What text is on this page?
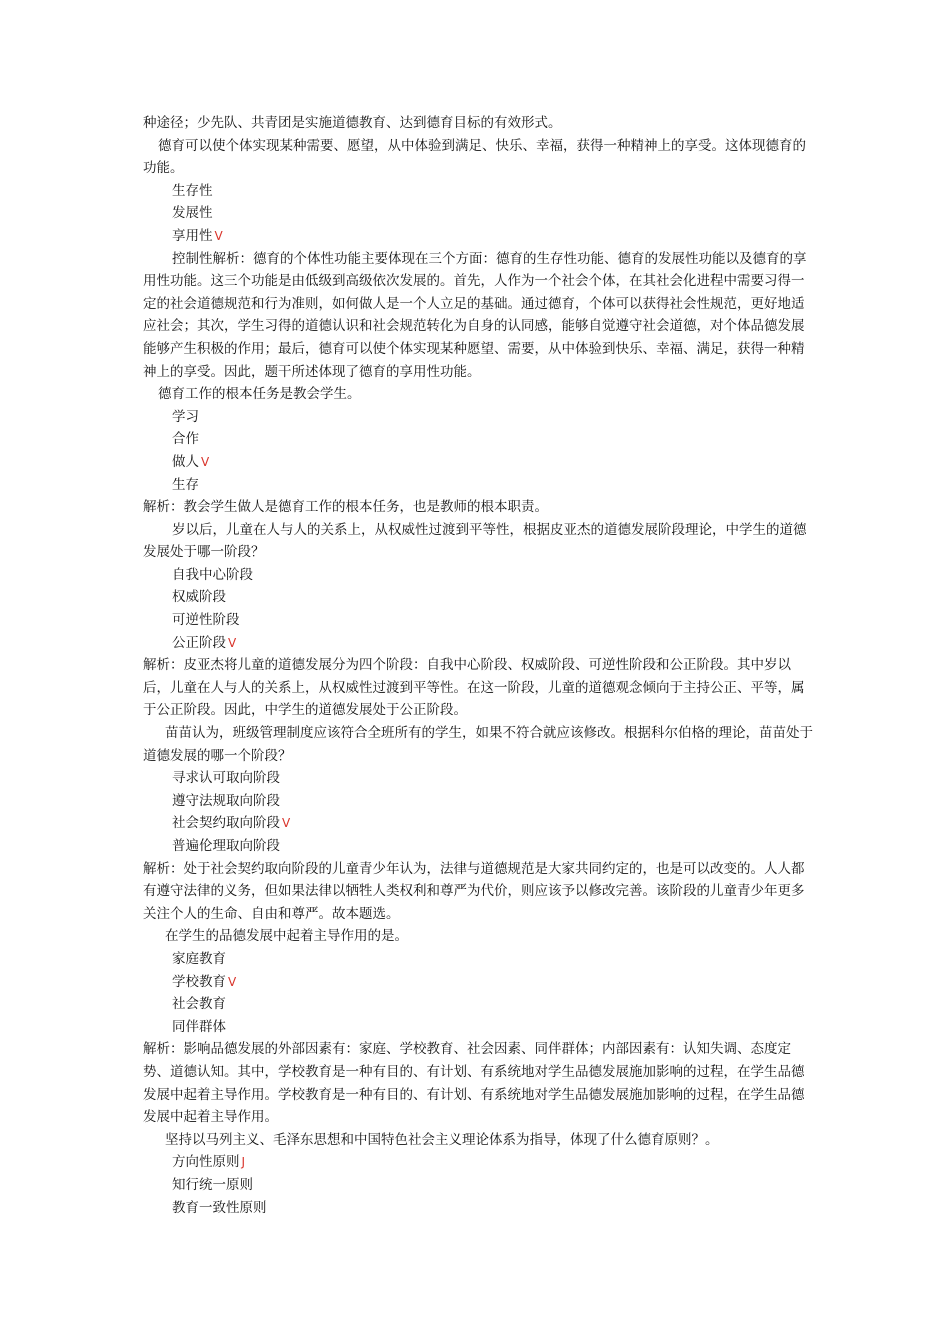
种途径；少先队、共青团是实施道德教育、达到德育目标的有效形式。

德育可以使个体实现某种需要、愿望，从中体验到满足、快乐、幸福，获得一种精神上的享受。这体现德育的功能。

生存性

发展性

享用性 V

控制性解析：德育的个体性功能主要体现在三个方面：德育的生存性功能、德育的发展性功能以及德育的享用性功能。这三个功能是由低级到高级依次发展的。首先，人作为一个社会个体，在其社会化进程中需要习得一定的社会道德规范和行为准则，如何做人是一个人立足的基础。通过德育，个体可以获得社会性规范，更好地适应社会；其次，学生习得的道德认识和社会规范转化为自身的认同感，能够自觉遵守社会道德，对个体品德发展能够产生积极的作用；最后，德育可以使个体实现某种愿望、需要，从中体验到快乐、幸福、满足，获得一种精神上的享受。因此，题干所述体现了德育的享用性功能。

德育工作的根本任务是教会学生。

学习

合作

做人 V

生存

解析：教会学生做人是德育工作的根本任务，也是教师的根本职责。

岁以后，儿童在人与人的关系上，从权威性过渡到平等性，根据皮亚杰的道德发展阶段理论，中学生的道德发展处于哪一阶段？

自我中心阶段

权威阶段

可逆性阶段

公正阶段 V

解析：皮亚杰将儿童的道德发展分为四个阶段：自我中心阶段、权威阶段、可逆性阶段和公正阶段。其中岁以后，儿童在人与人的关系上，从权威性过渡到平等性。在这一阶段，儿童的道德观念倾向于主持公正、平等，属于公正阶段。因此，中学生的道德发展处于公正阶段。

苗苗认为，班级管理制度应该符合全班所有的学生，如果不符合就应该修改。根据科尔伯格的理论，苗苗处于道德发展的哪一个阶段？

寻求认可取向阶段

遵守法规取向阶段

社会契约取向阶段 V

普遍伦理取向阶段

解析：处于社会契约取向阶段的儿童青少年认为，法律与道德规范是大家共同约定的，也是可以改变的。人人都有遵守法律的义务，但如果法律以牺牲人类权利和尊严为代价，则应该予以修改完善。该阶段的儿童青少年更多关注个人的生命、自由和尊严。故本题选。

在学生的品德发展中起着主导作用的是。

家庭教育

学校教育 V

社会教育

同伴群体

解析：影响品德发展的外部因素有：家庭、学校教育、社会因素、同伴群体；内部因素有：认知失调、态度定势、道德认知。其中，学校教育是一种有目的、有计划、有系统地对学生品德发展施加影响的过程，在学生品德发展中起着主导作用。学校教育是一种有目的、有计划、有系统地对学生品德发展施加影响的过程，在学生品德发展中起着主导作用。

坚持以马列主义、毛泽东思想和中国特色社会主义理论体系为指导，体现了什么德育原则？。

方向性原则 J

知行统一原则

教育一致性原则
